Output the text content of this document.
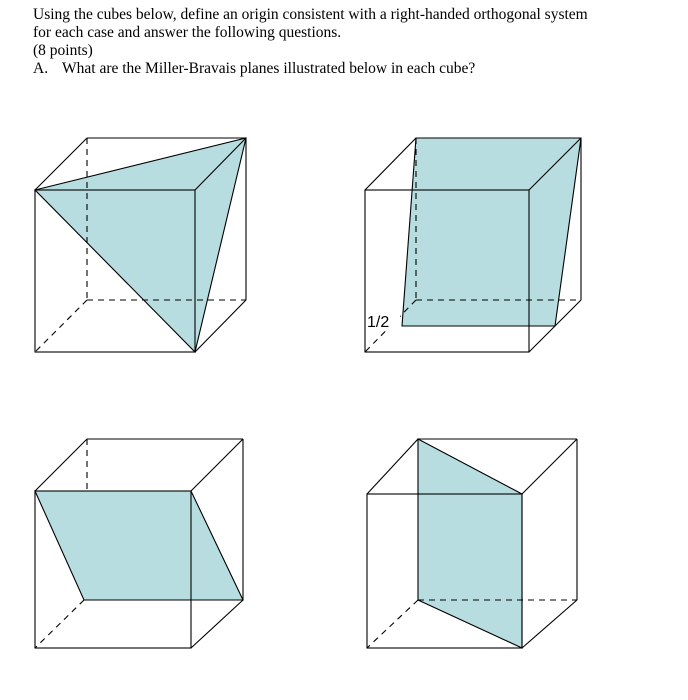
Using the cubes below, define an origin consistent with a right-handed orthogonal system
for each case and answer the following questions.
(8 points)
A. What are the Miller-Bravais planes illustrated below in each cube?
1/2
